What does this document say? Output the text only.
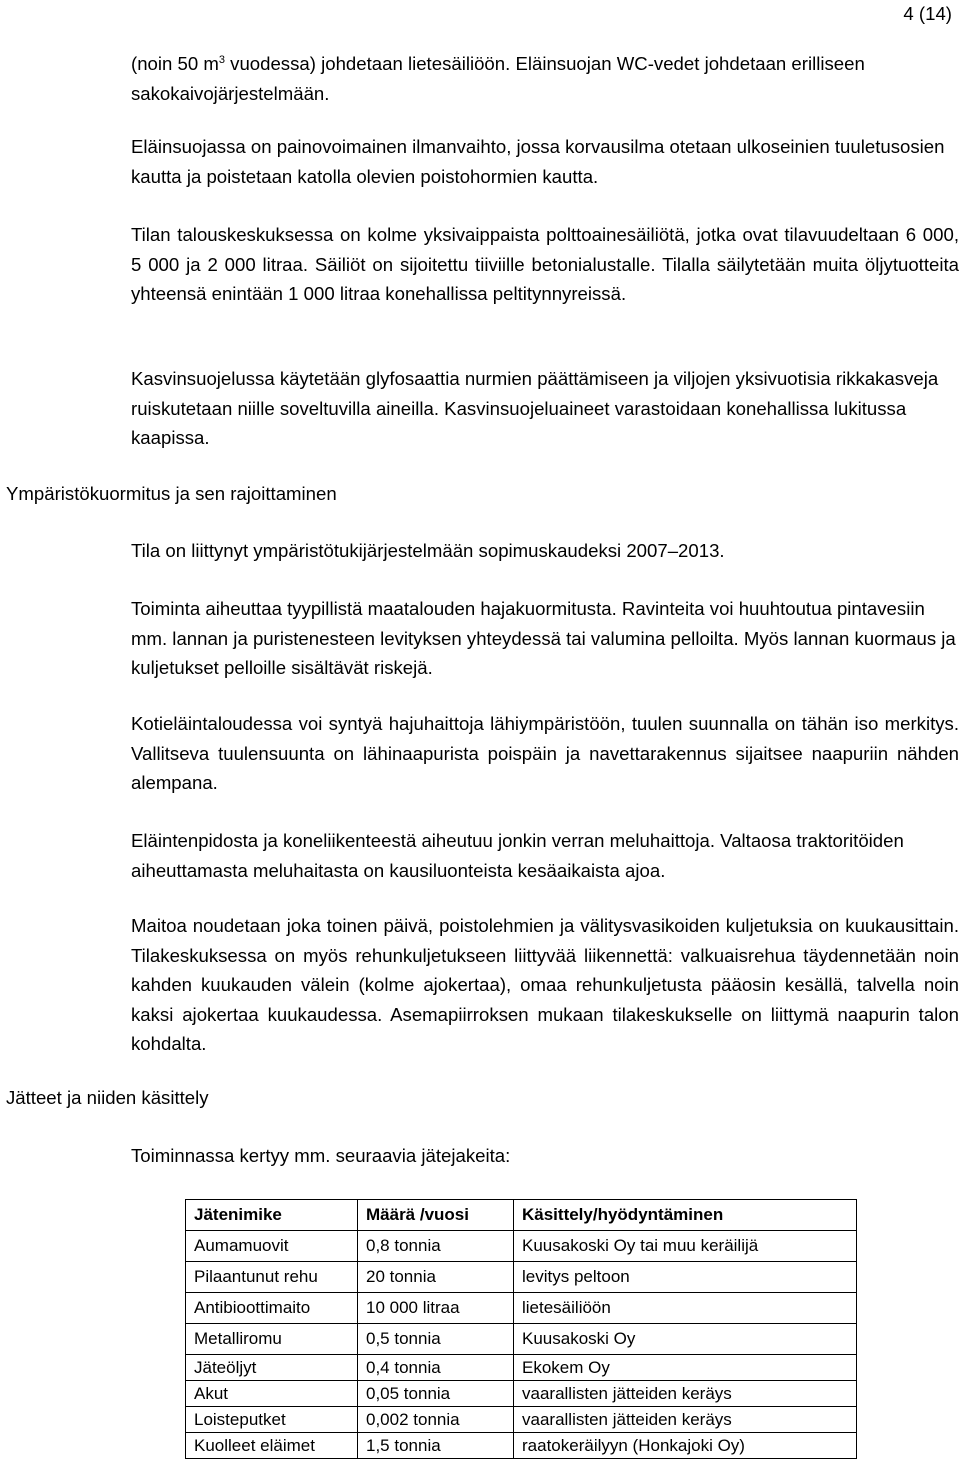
4 (14)

(noin 50 $m^3$ vuodessa) johdetaan lietesäiliöön. Eläinsuojan WC-vedet johdetaan erilliseen sakokaivojärjestelmään.

Eläinsuojassa on painovoimainen ilmanvaihto, jossa korvausilma otetaan ulkoseinien tuuletusosien kautta ja poistetaan katolla olevien poistohormien kautta.

Tilan talouskeskuksessa on kolme yksivaippaista polttoainesäiliötä, jotka ovat tilavuudeltaan 6 000, 5 000 ja 2 000 litraa. Säiliöt on sijoitettu tiiviille betonialustalle. Tilalla säilytetään muita öljytuotteita yhteensä enintään 1 000 litraa konehallissa peltitynnyreissä.

Kasvinsuojelussa käytetään glyfosaattia nurmien päättämiseen ja viljojen yksivuotisia rikkakasveja ruiskutetaan niille soveltuvilla aineilla. Kasvinsuojeluaineet varastoidaan konehallissa lukitussa kaapissa.

Ympäristökuormitus ja sen rajoittaminen

Tila on liittynyt ympäristötukijärjestelmään sopimuskaudeksi 2007–2013.

Toiminta aiheuttaa tyypillistä maatalouden hajakuormitusta. Ravinteita voi huuhtoutua pintavesiin mm. lannan ja puristenesteen levityksen yhteydessä tai valumina pelloilta. Myös lannan kuormaus ja kuljetukset pelloille sisältävät riskejä.

Kotieläintaloudessa voi syntyä hajuhaittoja lähiympäristöön, tuulen suunnalla on tähän iso merkitys. Vallitseva tuulensuunta on lähinaapurista poispäin ja navettarakennus sijaitsee naapuriin nähden alempana.

Eläintenpidosta ja koneliikenteestä aiheutuu jonkin verran meluhaittoja. Valtaosa traktoritöiden aiheuttamasta meluhaitasta on kausiluonteista kesäaikaista ajoa.

Maitoa noudetaan joka toinen päivä, poistolehmien ja välitysvasikoiden kuljetuksia on kuukausittain. Tilakeskuksessa on myös rehunkuljetukseen liittyvää liikennettä: valkuaisrehua täydennetään noin kahden kuukauden välein (kolme ajokertaa), omaa rehunkuljetusta pääosin kesällä, talvella noin kaksi ajokertaa kuukaudessa. Asemapiirroksen mukaan tilakeskukselle on liittymä naapurin talon kohdalta.

Jätteet ja niiden käsittely

Toiminnassa kertyy mm. seuraavia jätejakeita:

Jätenimike	Määrä /vuosi	Käsittely/hyödyntäminen
Aumamuovit	0,8 tonnia	Kuusakoski Oy tai muu keräilijä
Pilaantunut rehu	20 tonnia	levitys peltoon
Antibioottimaito	10 000 litraa	lietesäiliöön
Metalliromu	0,5 tonnia	Kuusakoski Oy
Jäteöljyt	0,4 tonnia	Ekokem Oy
Akut	0,05 tonnia	vaarallisten jätteiden keräys
Loisteputket	0,002 tonnia	vaarallisten jätteiden keräys
Kuolleet eläimet	1,5 tonnia	raatokeräilyyn (Honkajoki Oy)
